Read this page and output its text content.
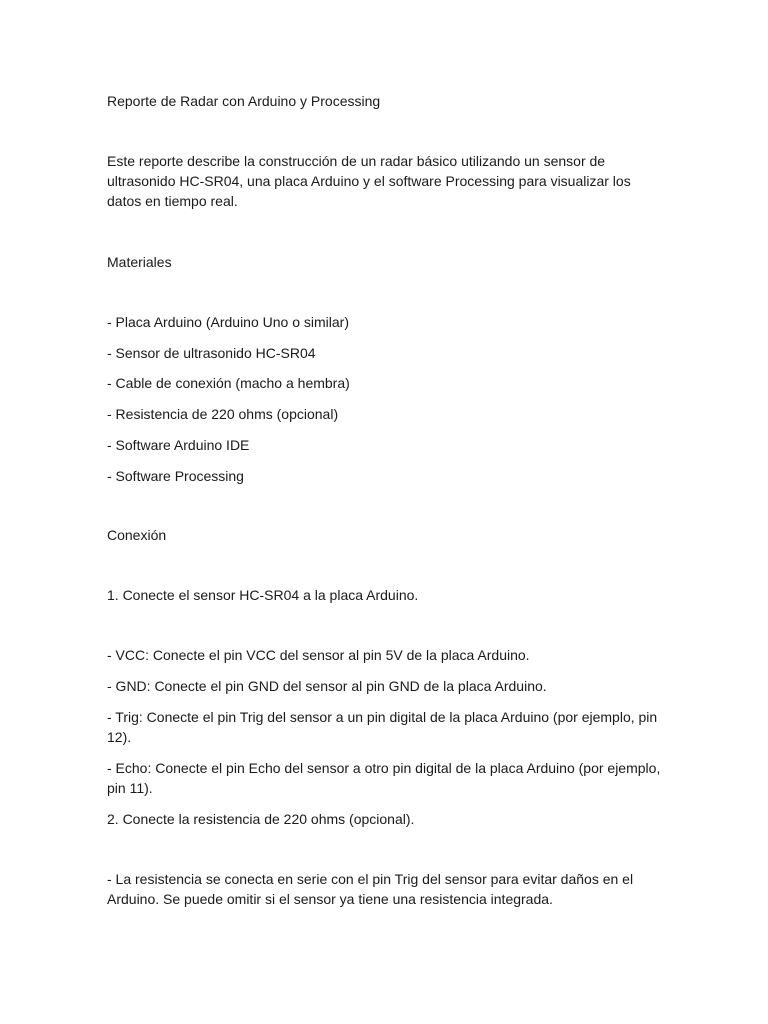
Reporte de Radar con Arduino y Processing
Este reporte describe la construcción de un radar básico utilizando un sensor de ultrasonido HC-SR04, una placa Arduino y el software Processing para visualizar los datos en tiempo real.
Materiales
- Placa Arduino (Arduino Uno o similar)
- Sensor de ultrasonido HC-SR04
- Cable de conexión (macho a hembra)
- Resistencia de 220 ohms (opcional)
- Software Arduino IDE
- Software Processing
Conexión
1. Conecte el sensor HC-SR04 a la placa Arduino.
- VCC: Conecte el pin VCC del sensor al pin 5V de la placa Arduino.
- GND: Conecte el pin GND del sensor al pin GND de la placa Arduino.
- Trig: Conecte el pin Trig del sensor a un pin digital de la placa Arduino (por ejemplo, pin 12).
- Echo: Conecte el pin Echo del sensor a otro pin digital de la placa Arduino (por ejemplo, pin 11).
2. Conecte la resistencia de 220 ohms (opcional).
- La resistencia se conecta en serie con el pin Trig del sensor para evitar daños en el Arduino. Se puede omitir si el sensor ya tiene una resistencia integrada.
